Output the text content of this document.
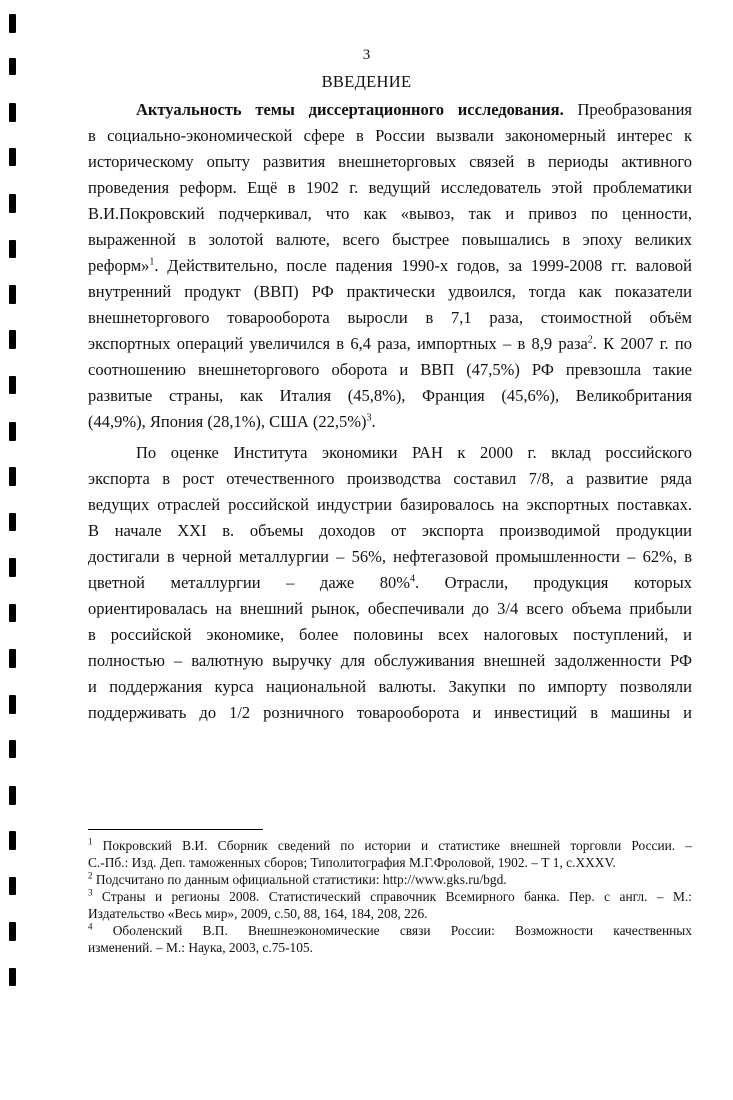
3
ВВЕДЕНИЕ
Актуальность темы диссертационного исследования. Преобразования
в социально-экономической сфере в России вызвали закономерный интерес к
историческому опыту развития внешнеторговых связей в периоды активного
проведения реформ. Ещё в 1902 г. ведущий исследователь этой проблематики
В.И.Покровский подчеркивал, что как «вывоз, так и привоз по ценности,
выраженной в золотой валюте, всего быстрее повышались в эпоху великих
реформ»$^1$. Действительно, после падения 1990-х годов, за 1999-2008 гг. валовой
внутренний продукт (ВВП) РФ практически удвоился, тогда как показатели
внешнеторгового товарооборота выросли в 7,1 раза, стоимостной объём
экспортных операций увеличился в 6,4 раза, импортных – в 8,9 раза$^2$. К 2007 г. по
соотношению внешнеторгового оборота и ВВП (47,5%) РФ превзошла такие
развитые страны, как Италия (45,8%), Франция (45,6%), Великобритания
(44,9%), Япония (28,1%), США $(22,5\%)^3$.
По оценке Института экономики РАН к 2000 г. вклад российского
экспорта в рост отечественного производства составил 7/8, а развитие ряда
ведущих отраслей российской индустрии базировалось на экспортных поставках.
В начале XXI в. объемы доходов от экспорта производимой продукции
достигали в черной металлургии – 56%, нефтегазовой промышленности – 62%, в
цветной металлургии – даже 80%$^4$. Отрасли, продукция которых
ориентировалась на внешний рынок, обеспечивали до 3/4 всего объема прибыли
в российской экономике, более половины всех налоговых поступлений, и
полностью – валютную выручку для обслуживания внешней задолженности РФ
и поддержания курса национальной валюты. Закупки по импорту позволяли
поддерживать до 1/2 розничного товарооборота и инвестиций в машины и
$^1$ Покровский В.И. Сборник сведений по истории и статистике внешней торговли России. –
С.-Пб.: Изд. Деп. таможенных сборов; Типолитография М.Г.Фроловой, 1902. – Т 1, с.XXXV.
$^2$ Подсчитано по данным официальной статистики: http://www.gks.ru/bgd.
$^3$ Страны и регионы 2008. Статистический справочник Всемирного банка. Пер. с англ. – М.:
Издательство «Весь мир», 2009, с.50, 88, 164, 184, 208, 226.
$^4$ Оболенский В.П. Внешнеэкономические связи России: Возможности качественных
изменений. – М.: Наука, 2003, с.75-105.
